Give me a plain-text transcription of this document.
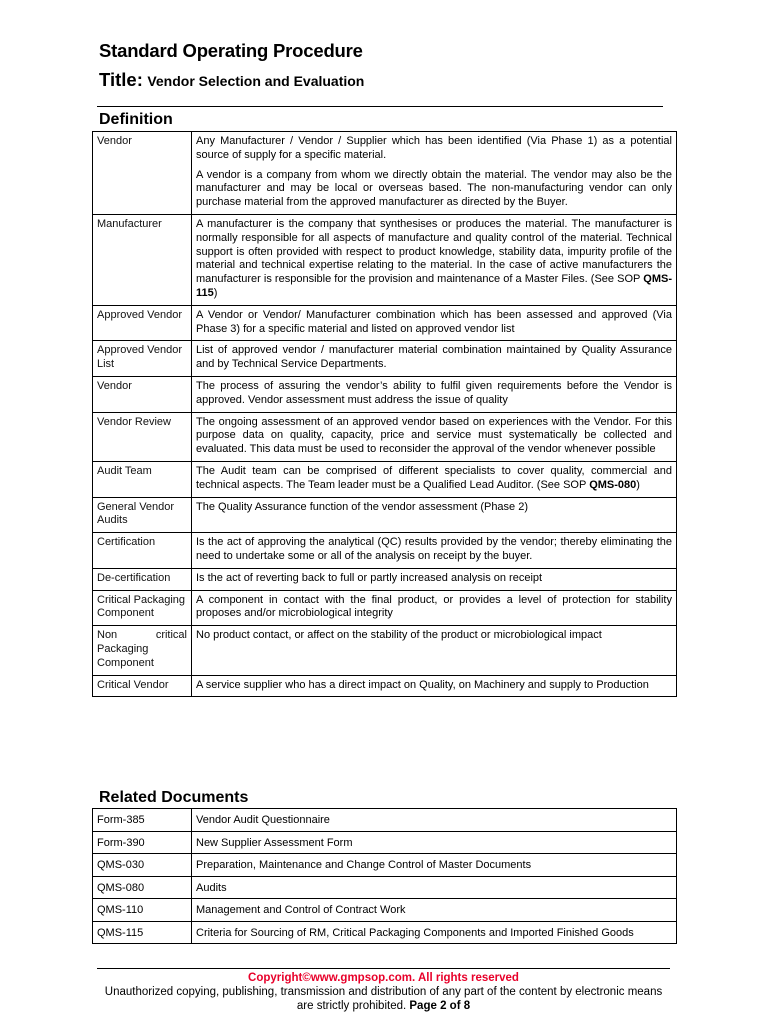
Standard Operating Procedure
Title: Vendor Selection and Evaluation
Definition
Vendor	Any Manufacturer / Vendor / Supplier which has been identified (Via Phase 1) as a potential source of supply for a specific material.

A vendor is a company from whom we directly obtain the material. The vendor may also be the manufacturer and may be local or overseas based. The non-manufacturing vendor can only purchase material from the approved manufacturer as directed by the Buyer.

Manufacturer	A manufacturer is the company that synthesises or produces the material. The manufacturer is normally responsible for all aspects of manufacture and quality control of the material. Technical support is often provided with respect to product knowledge, stability data, impurity profile of the material and technical expertise relating to the material. In the case of active manufacturers the manufacturer is responsible for the provision and maintenance of a Master Files. (See SOP QMS-115)
Approved Vendor	A Vendor or Vendor/ Manufacturer combination which has been assessed and approved (Via Phase 3) for a specific material and listed on approved vendor list
Approved Vendor List	List of approved vendor / manufacturer material combination maintained by Quality Assurance and by Technical Service Departments.
Vendor	The process of assuring the vendor’s ability to fulfil given requirements before the Vendor is approved. Vendor assessment must address the issue of quality
Vendor Review	The ongoing assessment of an approved vendor based on experiences with the Vendor. For this purpose data on quality, capacity, price and service must systematically be collected and evaluated. This data must be used to reconsider the approval of the vendor whenever possible
Audit Team	The Audit team can be comprised of different specialists to cover quality, commercial and technical aspects. The Team leader must be a Qualified Lead Auditor. (See SOP QMS-080)
General Vendor Audits	The Quality Assurance function of the vendor assessment (Phase 2)
Certification	Is the act of approving the analytical (QC) results provided by the vendor; thereby eliminating the need to undertake some or all of the analysis on receipt by the buyer.
De-certification	Is the act of reverting back to full or partly increased analysis on receipt
Critical Packaging Component	A component in contact with the final product, or provides a level of protection for stability proposes and/or microbiological integrity
Non critical Packaging Component	No product contact, or affect on the stability of the product or microbiological impact
Critical Vendor	A service supplier who has a direct impact on Quality, on Machinery and supply to Production
Related Documents
Form-385	Vendor Audit Questionnaire
Form-390	New Supplier Assessment Form
QMS-030	Preparation, Maintenance and Change Control of Master Documents
QMS-080	Audits
QMS-110	Management and Control of Contract Work
QMS-115	Criteria for Sourcing of RM, Critical Packaging Components and Imported Finished Goods
Copyright©www.gmpsop.com. All rights reserved
Unauthorized copying, publishing, transmission and distribution of any part of the content by electronic means are strictly prohibited. Page 2 of 8
